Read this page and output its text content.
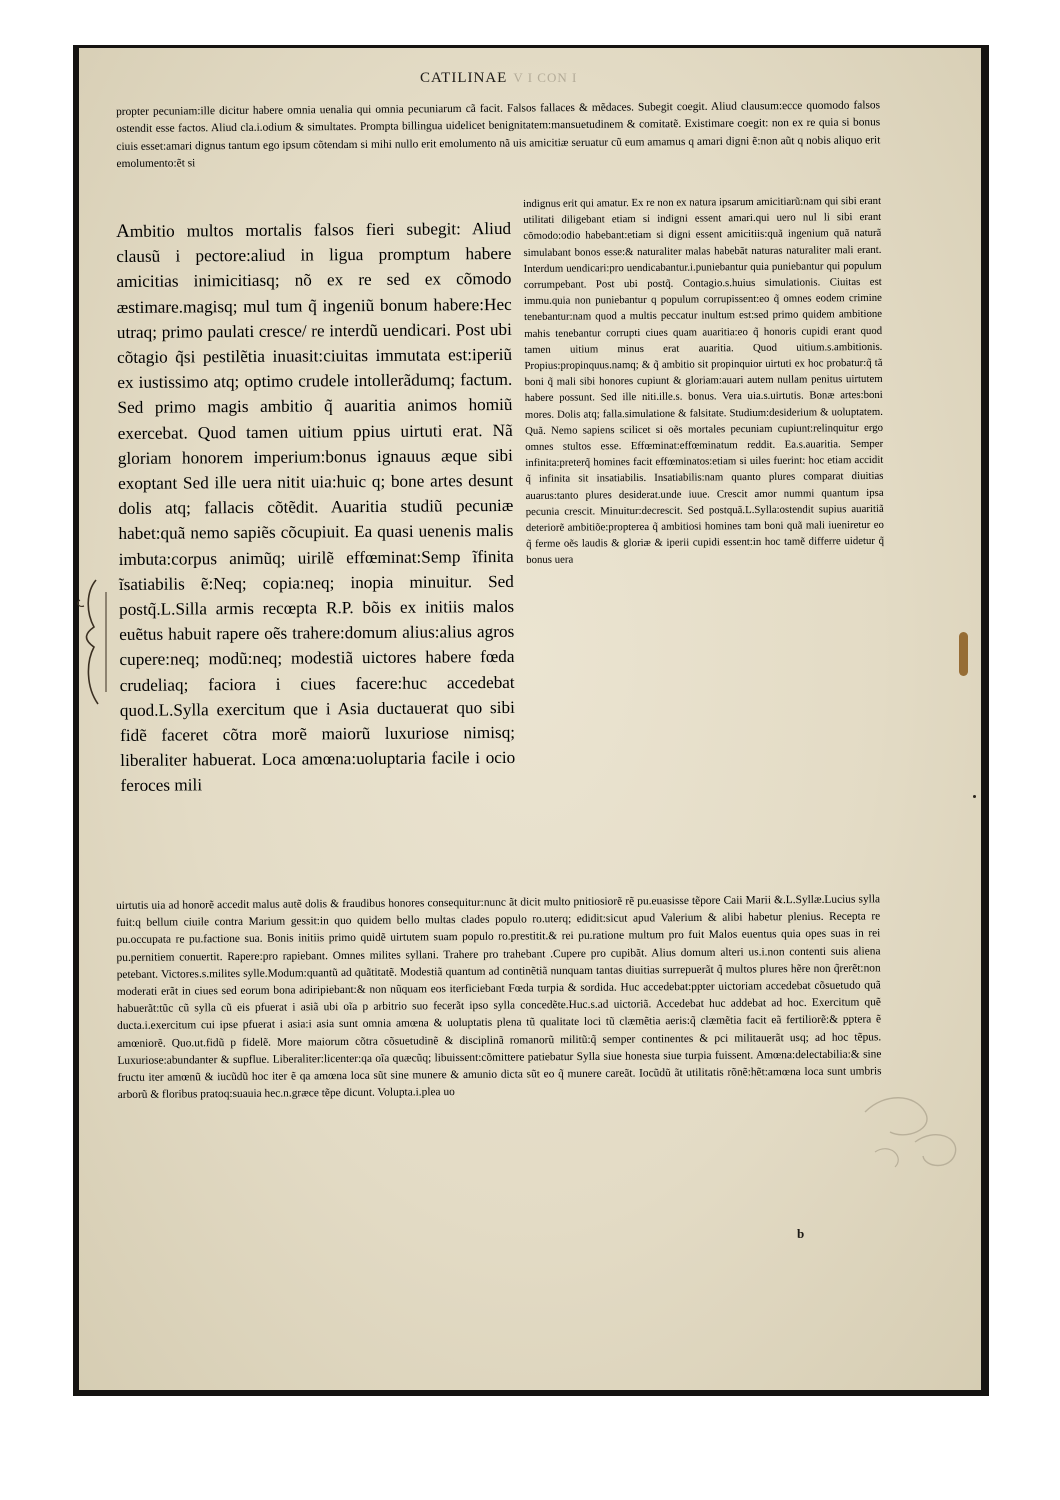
CATILINAE V I CON I
propter pecuniam:ille dicitur habere omnia uenalia qui omnia pecuniarum cã facit. Falsos fallaces & mẽdaces. Subegit coegit. Aliud clausum:ecce quomodo falsos ostendit esse factos. Aliud cla.i.odium & simultates. Prompta billingua uidelicet benignitatem:mansuetudinem & comitatẽ. Existimare coegit: non ex re quia si bonus ciuis esset:amari dignus tantum ego ipsum cõtendam si mihi nullo erit emolumento nã uis amicitiæ seruatur cũ eum amamus q amari digni ẽ:non aũt q nobis aliquo erit emolumento:ẽt si
Ambitio multos mortalis falsos fieri subegit: Aliud clausũ i pectore:aliud in ligua promptum habere amicitias inimicitiasq; nõ ex re sed ex cõmodo æstimare.magisq; mul tum q̃ ingeniũ bonum habere:Hec utraq; primo paulati cresce/ re interdũ uendicari. Post ubi cõtagio q̃si pestilẽtia inuasit:ciuitas immutata est:iperiũ ex iustissimo atq; optimo crudele intollerãdumq; factum. Sed primo magis ambitio q̃ auaritia animos homiũ exercebat. Quod tamen uitium ppius uirtuti erat. Nã gloriam honorem imperium:bonus ignauus æque sibi exoptant Sed ille uera nitit uia:huic q; bone artes desunt dolis atq; fallacis cõtẽdit. Auaritia studiũ pecuniæ habet:quã nemo sapiẽs cõcupiuit. Ea quasi uenenis malis imbuta:corpus animũq; uirilẽ effœminat:Semp ĩfinita ĩsatiabilis ẽ:Neq; copia:neq; inopia minuitur. Sed postq̃.L.Silla armis recœpta R.P. bõis ex initiis malos euẽtus habuit rapere oẽs trahere:domum alius:alius agros cupere:neq; modũ:neq; modestiã uictores habere fœda crudeliaq; faciora i ciues facere:huc accedebat quod.L.Sylla exercitum que i Asia ductauerat quo sibi fidẽ faceret cõtra morẽ maiorũ luxuriose nimisq; liberaliter habuerat. Loca amœna:uoluptaria facile i ocio feroces mili
indignus erit qui amatur. Ex re non ex natura ipsarum amicitiarũ:nam qui sibi erant utilitati diligebant etiam si indigni essent amari.qui uero nul li sibi erant cõmodo:odio habebant:etiam si digni essent amicitiis:quã ingenium quã naturã simulabant bonos esse:& naturaliter malas habebãt naturas naturaliter mali erant. Interdum uendicari:pro uendicabantur.i.puniebantur quia puniebantur qui populum corrumpebant. Post ubi postq̃. Contagio.s.huius simulationis. Ciuitas est immu.quia non puniebantur q populum corrupissent:eo q̃ omnes eodem crimine tenebantur:nam quod a multis peccatur inultum est:sed primo quidem ambitione mahis tenebantur corrupti ciues quam auaritia:eo q̃ honoris cupidi erant quod tamen uitium minus erat auaritia. Quod uitium.s.ambitionis. Propius:propinquus.namq; & q̃ ambitio sit propinquior uirtuti ex hoc probatur:q̃ tã boni q̃ mali sibi honores cupiunt & gloriam:auari autem nullam penitus uirtutem habere possunt. Sed ille niti.ille.s. bonus. Vera uia.s.uirtutis. Bonæ artes:boni mores. Dolis atq; falla.simulatione & falsitate. Studium:desiderium & uoluptatem. Quã. Nemo sapiens scilicet si oẽs mortales pecuniam cupiunt:relinquitur ergo omnes stultos esse. Effœminat:effœminatum reddit. Ea.s.auaritia. Semper infinita:preterq̃ homines facit effœminatos:etiam si uiles fuerint: hoc etiam accidit q̃ infinita sit insatiabilis. Insatiabilis:nam quanto plures comparat diuitias auarus:tanto plures desiderat.unde iuue. Crescit amor nummi quantum ipsa pecunia crescit. Minuitur:decrescit. Sed postquã.L.Sylla:ostendit supius auaritiã deteriorẽ ambitiõe:propterea q̃ ambitiosi homines tam boni quã mali iueniretur eo q̃ ferme oẽs laudis & gloriæ & iperii cupidi essent:in hoc tamẽ differre uidetur q̃ bonus uera
uirtutis uia ad honorẽ accedit malus autẽ dolis & fraudibus honores consequitur:nunc ãt dicit multo pnitiosiorẽ rẽ pu.euasisse tẽpore Caii Marii &.L.Syllæ.Lucius sylla fuit:q bellum ciuile contra Marium gessit:in quo quidem bello multas clades populo ro.uterq; edidit:sicut apud Valerium & alibi habetur plenius. Recepta re pu.occupata re pu.factione sua. Bonis initiis primo quidẽ uirtutem suam populo ro.prestitit.& rei pu.ratione multum pro fuit Malos euentus quia opes suas in rei pu.pernitiem conuertit. Rapere:pro rapiebant. Omnes milites syllani. Trahere pro trahebant .Cupere pro cupibãt. Alius domum alteri us.i.non contenti suis aliena petebant. Victores.s.milites sylle.Modum:quantũ ad quãtitatẽ. Modestiã quantum ad continẽtiã nunquam tantas diuitias surrepuerãt q̃ multos plures hẽre non q̃rerẽt:non moderati erãt in ciues sed eorum bona adiripiebant:& non nũquam eos iterficiebant Fœda turpia & sordida. Huc accedebat:ppter uictoriam accedebat cõsuetudo quã habuerãt:tũc cũ sylla cũ eis pfuerat i asiã ubi oĩa p arbitrio suo fecerãt ipso sylla concedẽte.Huc.s.ad uictoriã. Accedebat huc addebat ad hoc. Exercitum quẽ ducta.i.exercitum cui ipse pfuerat i asia:i asia sunt omnia amœna & uoluptatis plena tũ qualitate loci tũ clæmẽtia aeris:q̃ clæmẽtia facit eã fertiliorẽ:& pptera ẽ amœniorẽ. Quo.ut.fidũ p fidelẽ. More maiorum cõtra cõsuetudinẽ & disciplinã romanorũ militũ:q̃ semper continentes & pci militauerãt usq; ad hoc tẽpus. Luxuriose:abundanter & supflue. Liberaliter:licenter:qa oĩa quæcũq; libuissent:cõmittere patiebatur Sylla siue honesta siue turpia fuissent. Amœna:delectabilia:& sine fructu iter amœnũ & iucũdũ hoc iter ẽ qa amœna loca sũt sine munere & amunio dicta sũt eo q̃ munere careãt. Iocũdũ ãt utilitatis rõnẽ:hẽt:amœna loca sunt umbris arborũ & floribus pratoq:suauia hec.n.græce tẽpe dicunt. Volupta.i.plea uo
b
